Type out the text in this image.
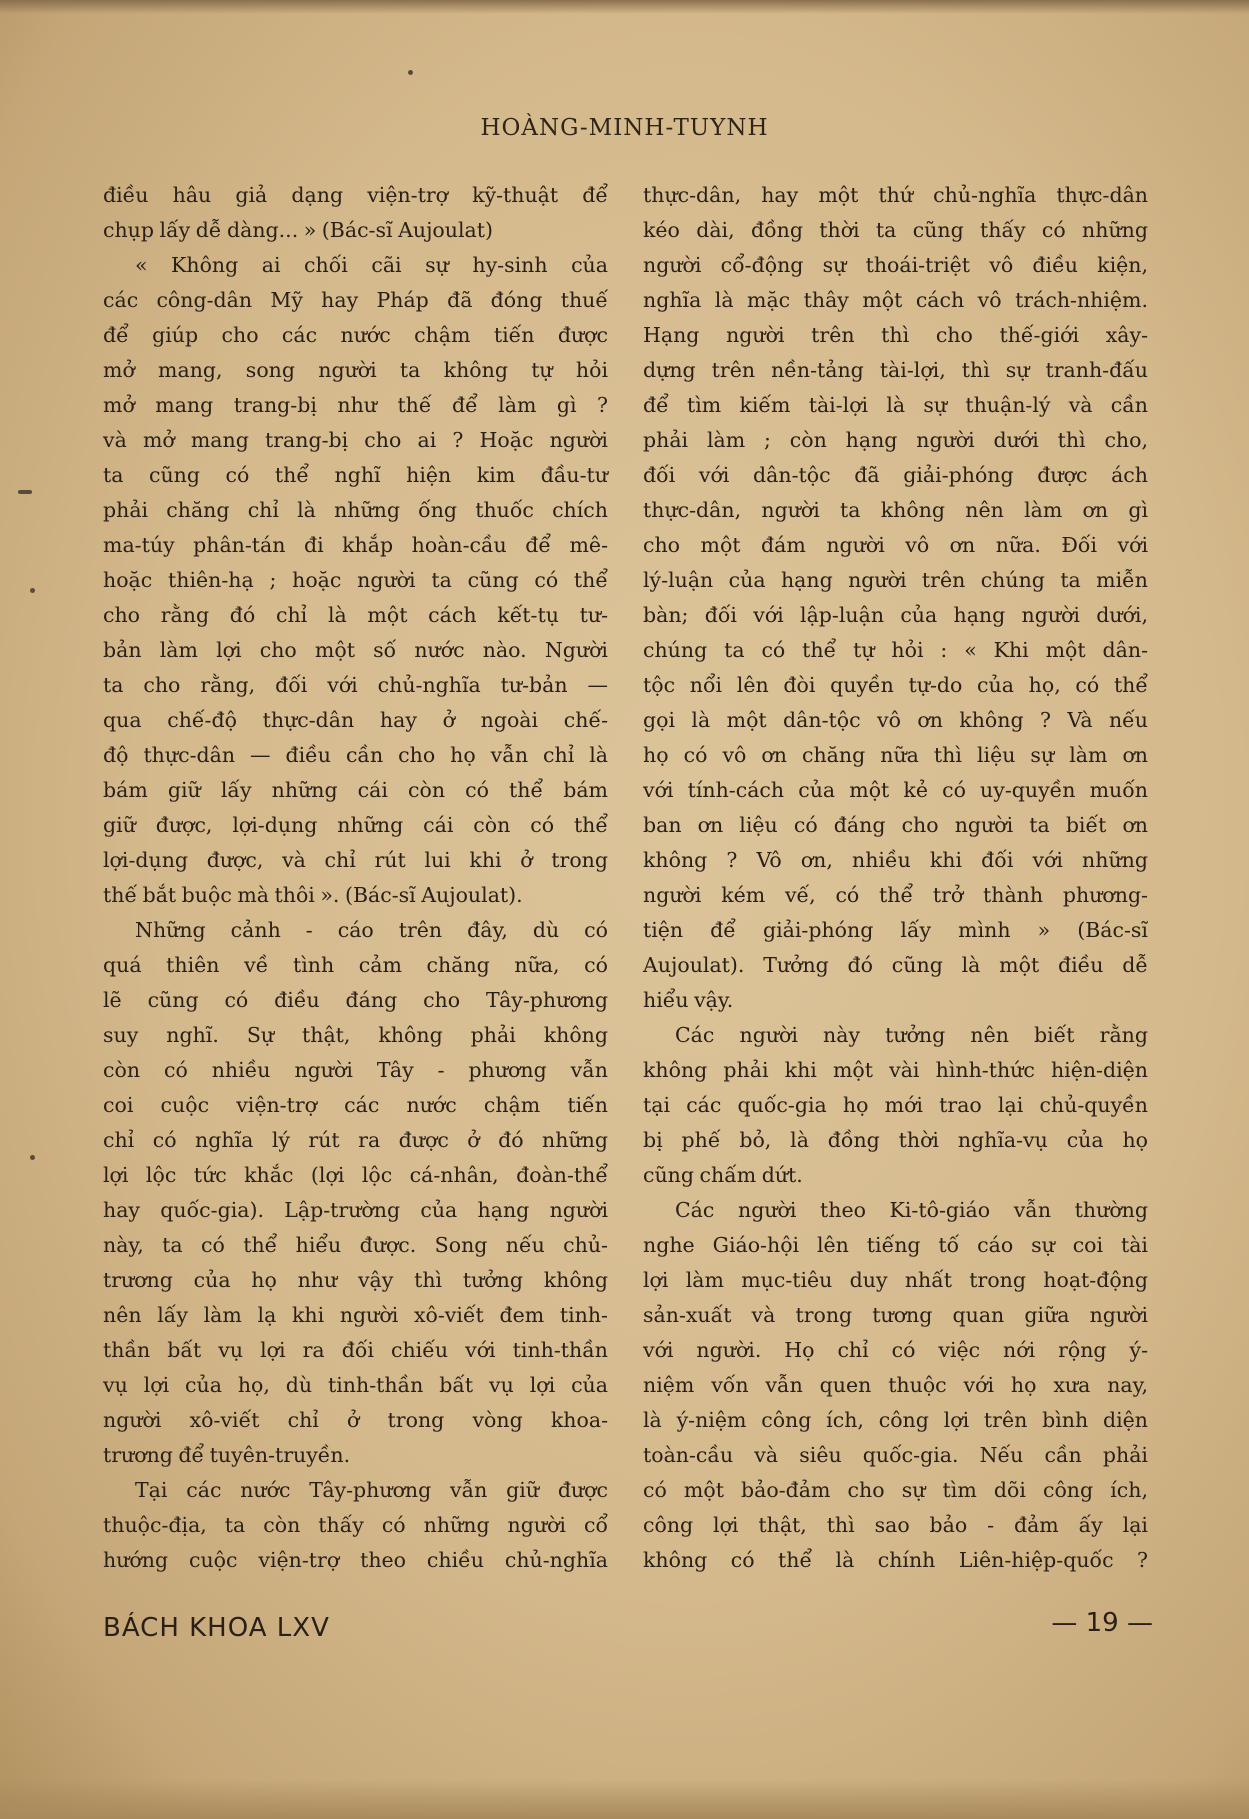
HOÀNG-MINH-TUYNH

điều hâu giả dạng viện-trợ kỹ-thuật để

chụp lấy dễ dàng... » (Bác-sĩ Aujoulat)

« Không ai chối cãi sự hy-sinh của

các công-dân Mỹ hay Pháp đã đóng thuế

để giúp cho các nước chậm tiến được

mở mang, song người ta không tự hỏi

mở mang trang-bị như thế để làm gì ?

và mở mang trang-bị cho ai ? Hoặc người

ta cũng có thể nghĩ hiện kim đầu-tư

phải chăng chỉ là những ống thuốc chích

ma-túy phân-tán đi khắp hoàn-cầu để mê-

hoặc thiên-hạ ; hoặc người ta cũng có thể

cho rằng đó chỉ là một cách kết-tụ tư-

bản làm lợi cho một số nước nào. Người

ta cho rằng, đối với chủ-nghĩa tư-bản —

qua chế-độ thực-dân hay ở ngoài chế-

độ thực-dân — điều cần cho họ vẫn chỉ là

bám giữ lấy những cái còn có thể bám

giữ được, lợi-dụng những cái còn có thể

lợi-dụng được, và chỉ rút lui khi ở trong

thế bắt buộc mà thôi ». (Bác-sĩ Aujoulat).

Những cảnh - cáo trên đây, dù có

quá thiên về tình cảm chăng nữa, có

lẽ cũng có điều đáng cho Tây-phương

suy nghĩ. Sự thật, không phải không

còn có nhiều người Tây - phương vẫn

coi cuộc viện-trợ các nước chậm tiến

chỉ có nghĩa lý rút ra được ở đó những

lợi lộc tức khắc (lợi lộc cá-nhân, đoàn-thể

hay quốc-gia). Lập-trường của hạng người

này, ta có thể hiểu được. Song nếu chủ-

trương của họ như vậy thì tưởng không

nên lấy làm lạ khi người xô-viết đem tinh-

thần bất vụ lợi ra đối chiếu với tinh-thần

vụ lợi của họ, dù tinh-thần bất vụ lợi của

người xô-viết chỉ ở trong vòng khoa-

trương để tuyên-truyền.

Tại các nước Tây-phương vẫn giữ được

thuộc-địa, ta còn thấy có những người cổ

hướng cuộc viện-trợ theo chiều chủ-nghĩa

thực-dân, hay một thứ chủ-nghĩa thực-dân

kéo dài, đồng thời ta cũng thấy có những

người cổ-động sự thoái-triệt vô điều kiện,

nghĩa là mặc thây một cách vô trách-nhiệm.

Hạng người trên thì cho thế-giới xây-

dựng trên nền-tảng tài-lợi, thì sự tranh-đấu

để tìm kiếm tài-lợi là sự thuận-lý và cần

phải làm ; còn hạng người dưới thì cho,

đối với dân-tộc đã giải-phóng được ách

thực-dân, người ta không nên làm ơn gì

cho một đám người vô ơn nữa. Đối với

lý-luận của hạng người trên chúng ta miễn

bàn; đối với lập-luận của hạng người dưới,

chúng ta có thể tự hỏi : « Khi một dân-

tộc nổi lên đòi quyền tự-do của họ, có thể

gọi là một dân-tộc vô ơn không ? Và nếu

họ có vô ơn chăng nữa thì liệu sự làm ơn

với tính-cách của một kẻ có uy-quyền muốn

ban ơn liệu có đáng cho người ta biết ơn

không ? Vô ơn, nhiều khi đối với những

người kém vế, có thể trở thành phương-

tiện để giải-phóng lấy mình » (Bác-sĩ

Aujoulat). Tưởng đó cũng là một điều dễ

hiểu vậy.

Các người này tưởng nên biết rằng

không phải khi một vài hình-thức hiện-diện

tại các quốc-gia họ mới trao lại chủ-quyền

bị phế bỏ, là đồng thời nghĩa-vụ của họ

cũng chấm dứt.

Các người theo Ki-tô-giáo vẫn thường

nghe Giáo-hội lên tiếng tố cáo sự coi tài

lợi làm mục-tiêu duy nhất trong hoạt-động

sản-xuất và trong tương quan giữa người

với người. Họ chỉ có việc nới rộng ý-

niệm vốn vẫn quen thuộc với họ xưa nay,

là ý-niệm công ích, công lợi trên bình diện

toàn-cầu và siêu quốc-gia. Nếu cần phải

có một bảo-đảm cho sự tìm dõi công ích,

công lợi thật, thì sao bảo - đảm ấy lại

không có thể là chính Liên-hiệp-quốc ?

BÁCH KHOA LXV	— 19 —
